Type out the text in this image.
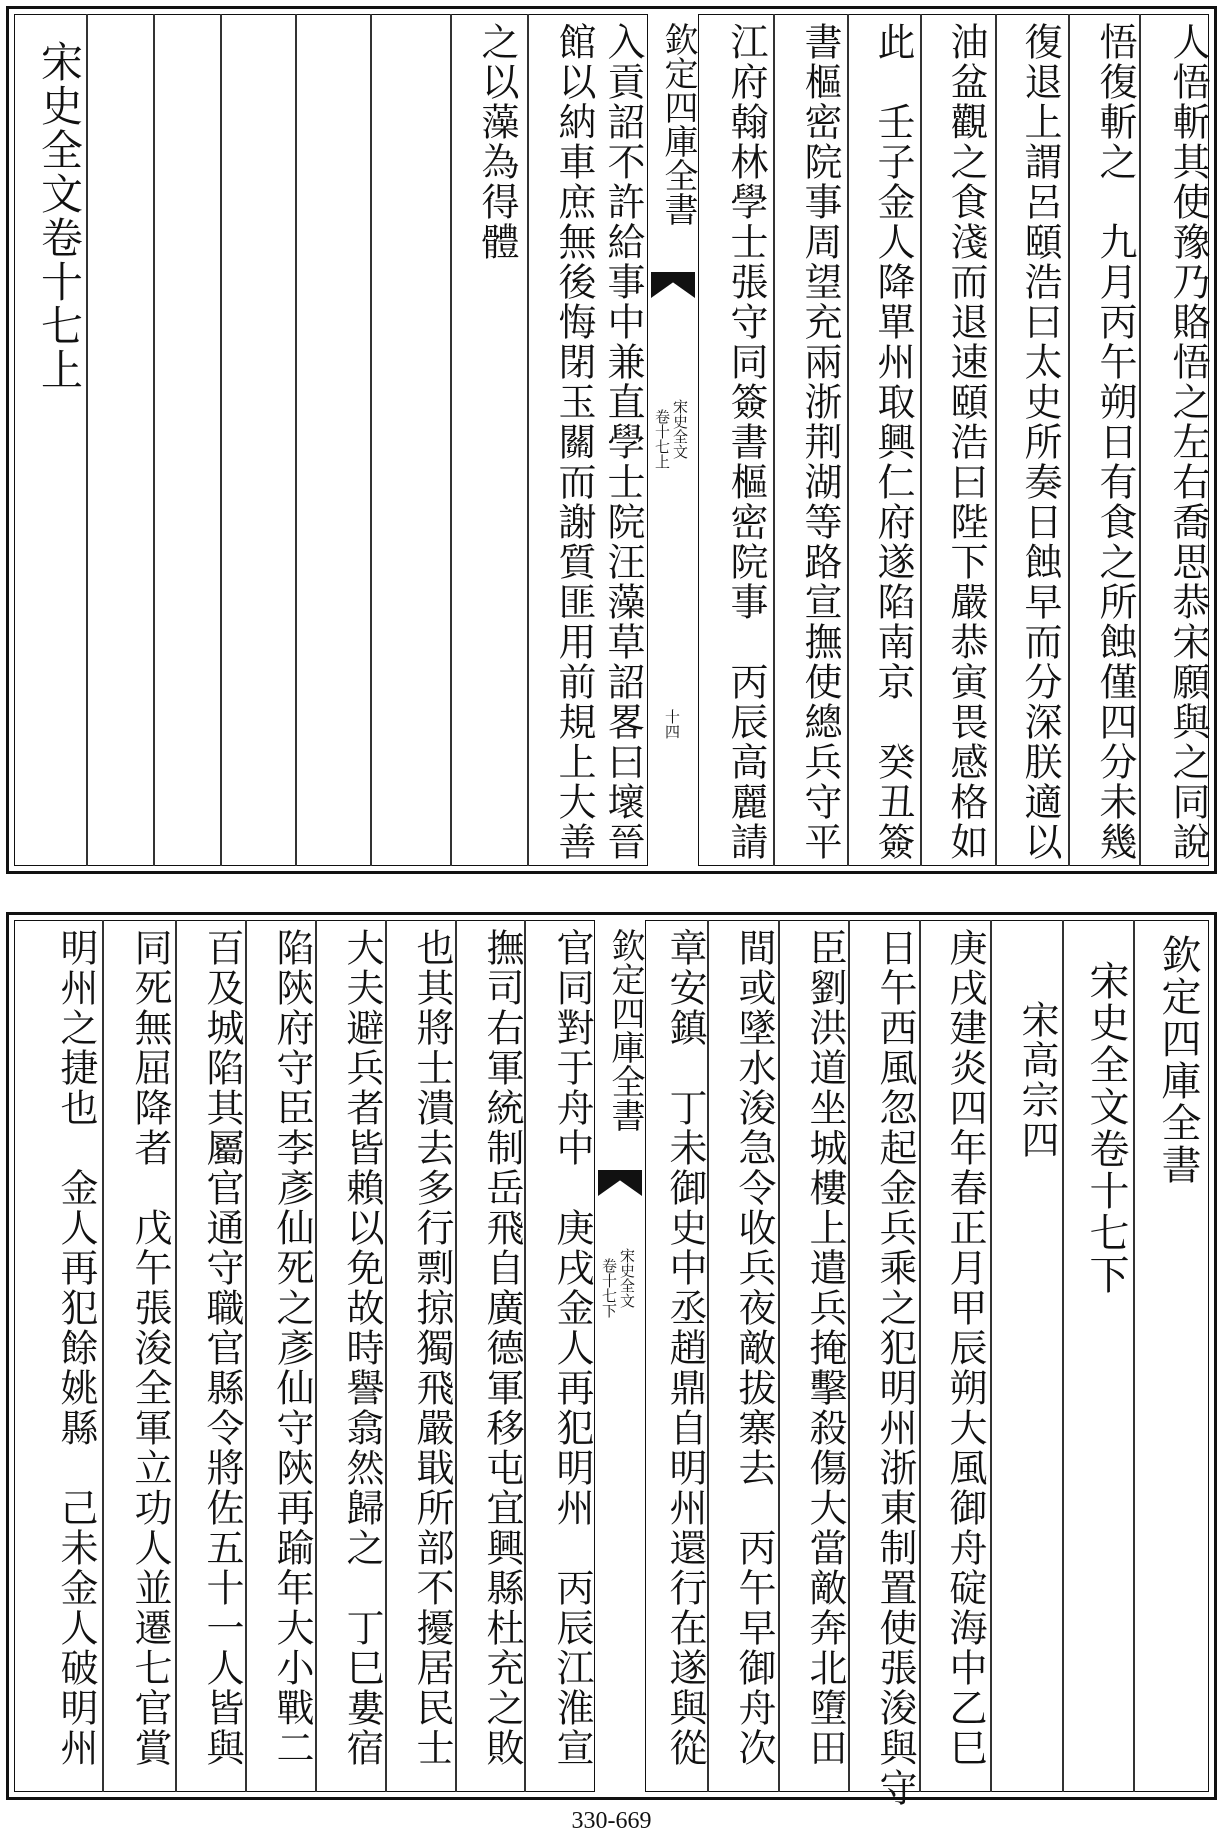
宋史全文卷十七上	人悟斬其使豫乃賂悟之左右喬思恭宋願與之同說
悟復斬之　九月丙午朔日有食之所蝕僅四分未幾
復退上謂呂頤浩曰太史所奏日蝕早而分深朕適以
油盆觀之食淺而退速頤浩曰陛下嚴恭寅畏感格如
此　壬子金人降單州取興仁府遂陷南京　癸丑簽
書樞密院事周望充兩浙荆湖等路宣撫使總兵守平
江府翰林學士張守同簽書樞密院事　丙辰高麗請
欽定四庫全書
宋史全文
卷十七上
十四
入貢詔不許給事中兼直學士院汪藻草詔畧曰壞晉
館以納車庶無後悔閉玉關而謝質匪用前規上大善
之以藻為得體
欽定四庫全書
宋史全文卷十七下
宋高宗四
庚戌建炎四年春正月甲辰朔大風御舟碇海中乙巳
日午西風忽起金兵乘之犯明州浙東制置使張浚與守
臣劉洪道坐城樓上遣兵掩擊殺傷大當敵奔北墮田
間或墜水浚急令收兵夜敵拔寨去　丙午早御舟次
章安鎮　丁未御史中丞趙鼎自明州還行在遂與從
欽定四庫全書
宋史全文
卷十七下
官同對于舟中　庚戌金人再犯明州　丙辰江淮宣
撫司右軍統制岳飛自廣德軍移屯宜興縣杜充之敗
也其將士潰去多行剽掠獨飛嚴戢所部不擾居民士
大夫避兵者皆賴以免故時譽翕然歸之　丁巳婁宿
陷陝府守臣李彥仙死之彥仙守陝再踰年大小戰二
百及城陷其屬官通守職官縣令將佐五十一人皆與
同死無屈降者　戊午張浚全軍立功人並遷七官賞
明州之捷也　金人再犯餘姚縣　己未金人破明州
330-669
